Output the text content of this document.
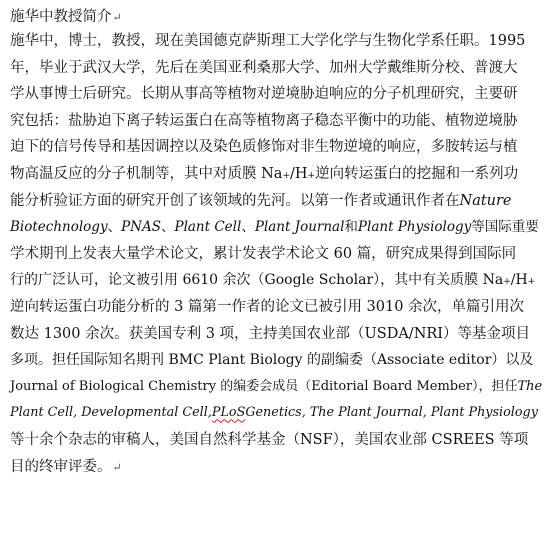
施华中教授简介↵
施华中，博士，教授，现在美国德克萨斯理工大学化学与生物化学系任职。1995
年，毕业于武汉大学，先后在美国亚利桑那大学、加州大学戴维斯分校、普渡大
学从事博士后研究。长期从事高等植物对逆境胁迫响应的分子机理研究，主要研
究包括：盐胁迫下离子转运蛋白在高等植物离子稳态平衡中的功能、植物逆境胁
迫下的信号传导和基因调控以及染色质修饰对非生物逆境的响应，多胺转运与植
物高温反应的分子机制等，其中对质膜 Na + /H + 逆向转运蛋白的挖掘和一系列功
能分析验证方面的研究开创了该领域的先河。以第一作者或通讯作者在 Nature
Biotechnology 、 PNAS 、 Plant Cell 、 Plant Journal 和 Plant Physiology 等国际重要
学术期刊上发表大量学术论文，累计发表学术论文 60 篇，研究成果得到国际同
行的广泛认可，论文被引用 6610 余次（Google Scholar），其中有关质膜 Na + /H +
逆向转运蛋白功能分析的 3 篇第一作者的论文已被引用 3010 余次，单篇引用次
数达 1300 余次。获美国专利 3 项，主持美国农业部（USDA/NRI）等基金项目
多项。担任国际知名期刊 BMC Plant Biology 的副编委（Associate editor）以及
Journal of Biological Chemistry 的编委会成员（Editorial Board Member），担任 The
Plant Cell, Developmental Cell, PLoS Genetics, The Plant Journal, Plant Physiology
等十余个杂志的审稿人，美国自然科学基金（NSF），美国农业部 CSREES 等项
目的终审评委。 ↵
